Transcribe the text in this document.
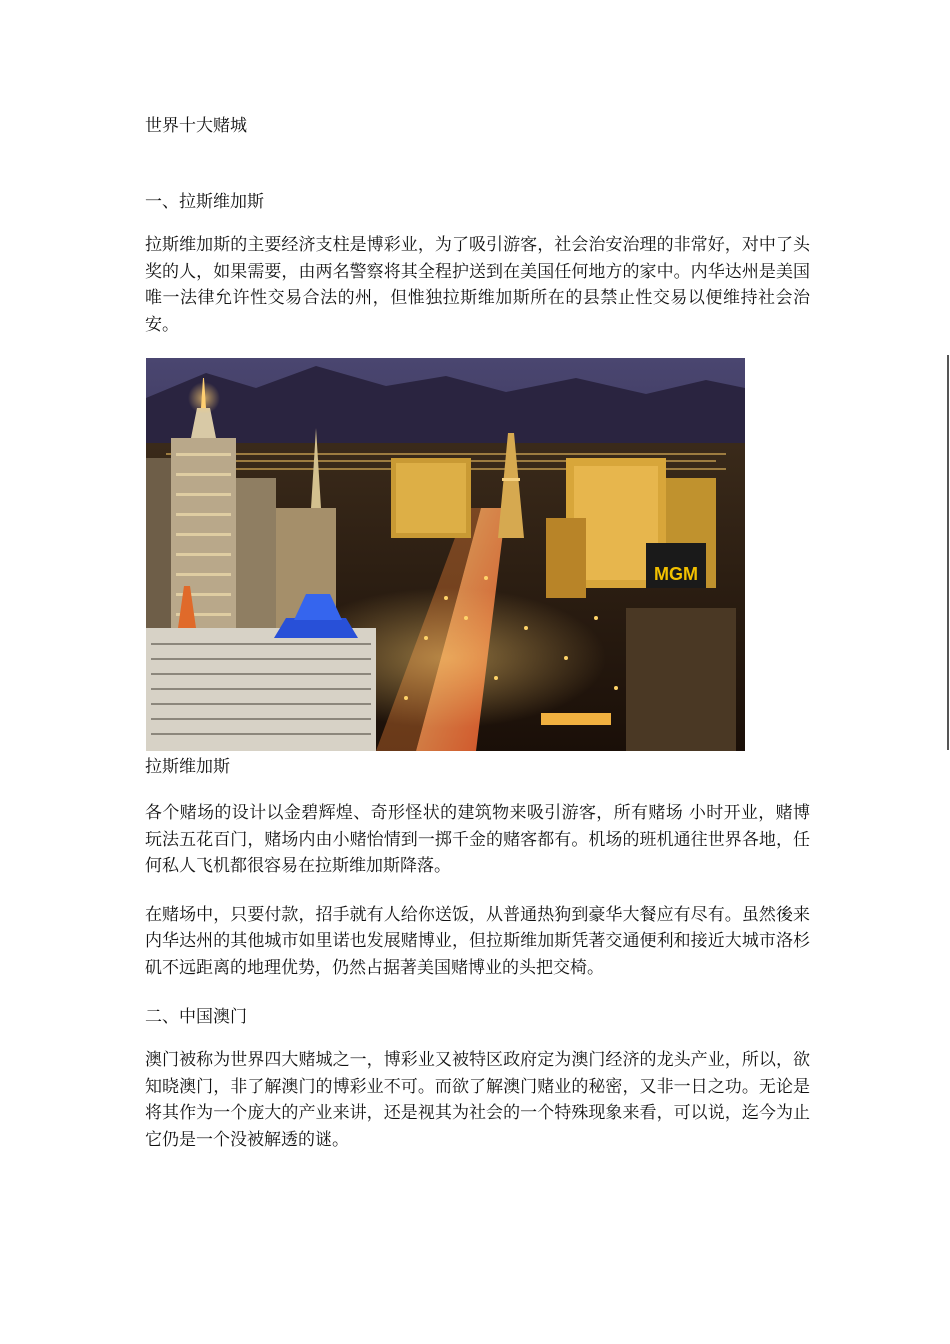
世界十大赌城

一、拉斯维加斯

拉斯维加斯的主要经济支柱是博彩业，为了吸引游客，社会治安治理的非常好，对中了头奖的人，如果需要，由两名警察将其全程护送到在美国任何地方的家中。内华达州是美国唯一法律允许性交易合法的州，但惟独拉斯维加斯所在的县禁止性交易以便维持社会治安。

MGM
拉斯维加斯

各个赌场的设计以金碧辉煌、奇形怪状的建筑物来吸引游客，所有赌场 小时开业，赌博玩法五花百门，赌场内由小赌怡情到一掷千金的赌客都有。机场的班机通往世界各地，任何私人飞机都很容易在拉斯维加斯降落。

在赌场中，只要付款，招手就有人给你送饭，从普通热狗到豪华大餐应有尽有。虽然後来内华达州的其他城市如里诺也发展赌博业，但拉斯维加斯凭著交通便利和接近大城市洛杉矶不远距离的地理优势，仍然占据著美国赌博业的头把交椅。

二、中国澳门

澳门被称为世界四大赌城之一，博彩业又被特区政府定为澳门经济的龙头产业，所以，欲知晓澳门，非了解澳门的博彩业不可。而欲了解澳门赌业的秘密，又非一日之功。无论是将其作为一个庞大的产业来讲，还是视其为社会的一个特殊现象来看，可以说，迄今为止它仍是一个没被解透的谜。
